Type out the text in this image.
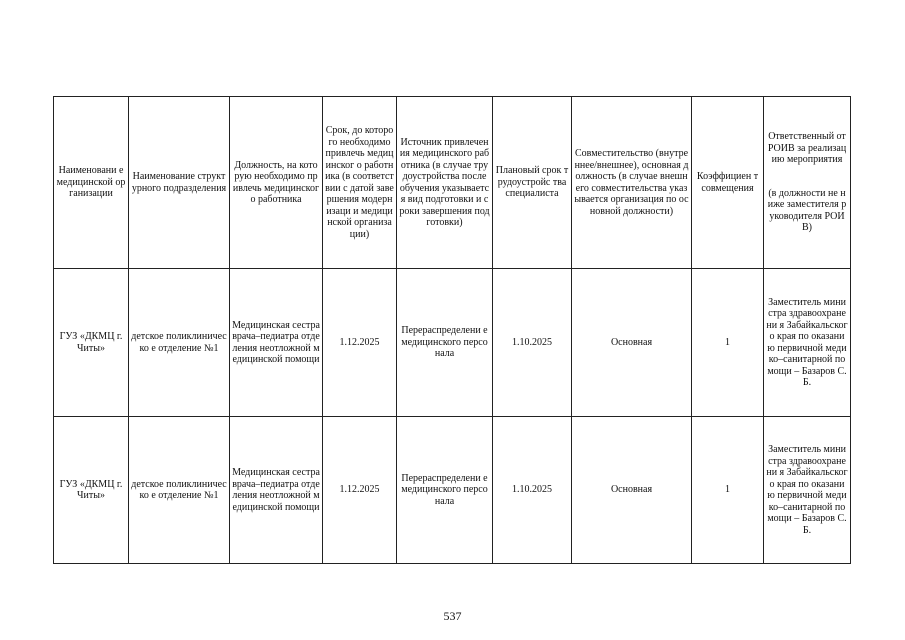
Наименовани е медицинской организации	Наименование структурного подразделения	Должность, на которую необходимо привлечь медицинского работника	Срок, до которого необходимо привлечь медицинског о работника (в соответствии с датой завершения модернизаци и медицинской организации)	Источник привлечения медицинского работника (в случае трудоустройства после обучения указывается вид подготовки и сроки завершения подготовки)	Плановый срок трудоустройс тва специалиста	Совместительство (внутреннее/внешнее), основная должность (в случае внешнего совместительства указывается организация по основной должности)	Коэффициен т совмещения	Ответственный от РОИВ за реализацию мероприятия
(в должности не ниже заместителя руководителя РОИВ)

ГУЗ «ДКМЦ г. Читы»	детское поликлиническо е отделение №1	Медицинская сестра врача–педиатра отделения неотложной медицинской помощи	1.12.2025	Перераспределени е медицинского персонала	1.10.2025	Основная	1	Заместитель министра здравоохранени я Забайкальского края по оказанию первичной медико–санитарной помощи – Базаров С.Б.
ГУЗ «ДКМЦ г. Читы»	детское поликлиническо е отделение №1	Медицинская сестра врача–педиатра отделения неотложной медицинской помощи	1.12.2025	Перераспределени е медицинского персонала	1.10.2025	Основная	1	Заместитель министра здравоохранени я Забайкальского края по оказанию первичной медико–санитарной помощи – Базаров С.Б.
537
